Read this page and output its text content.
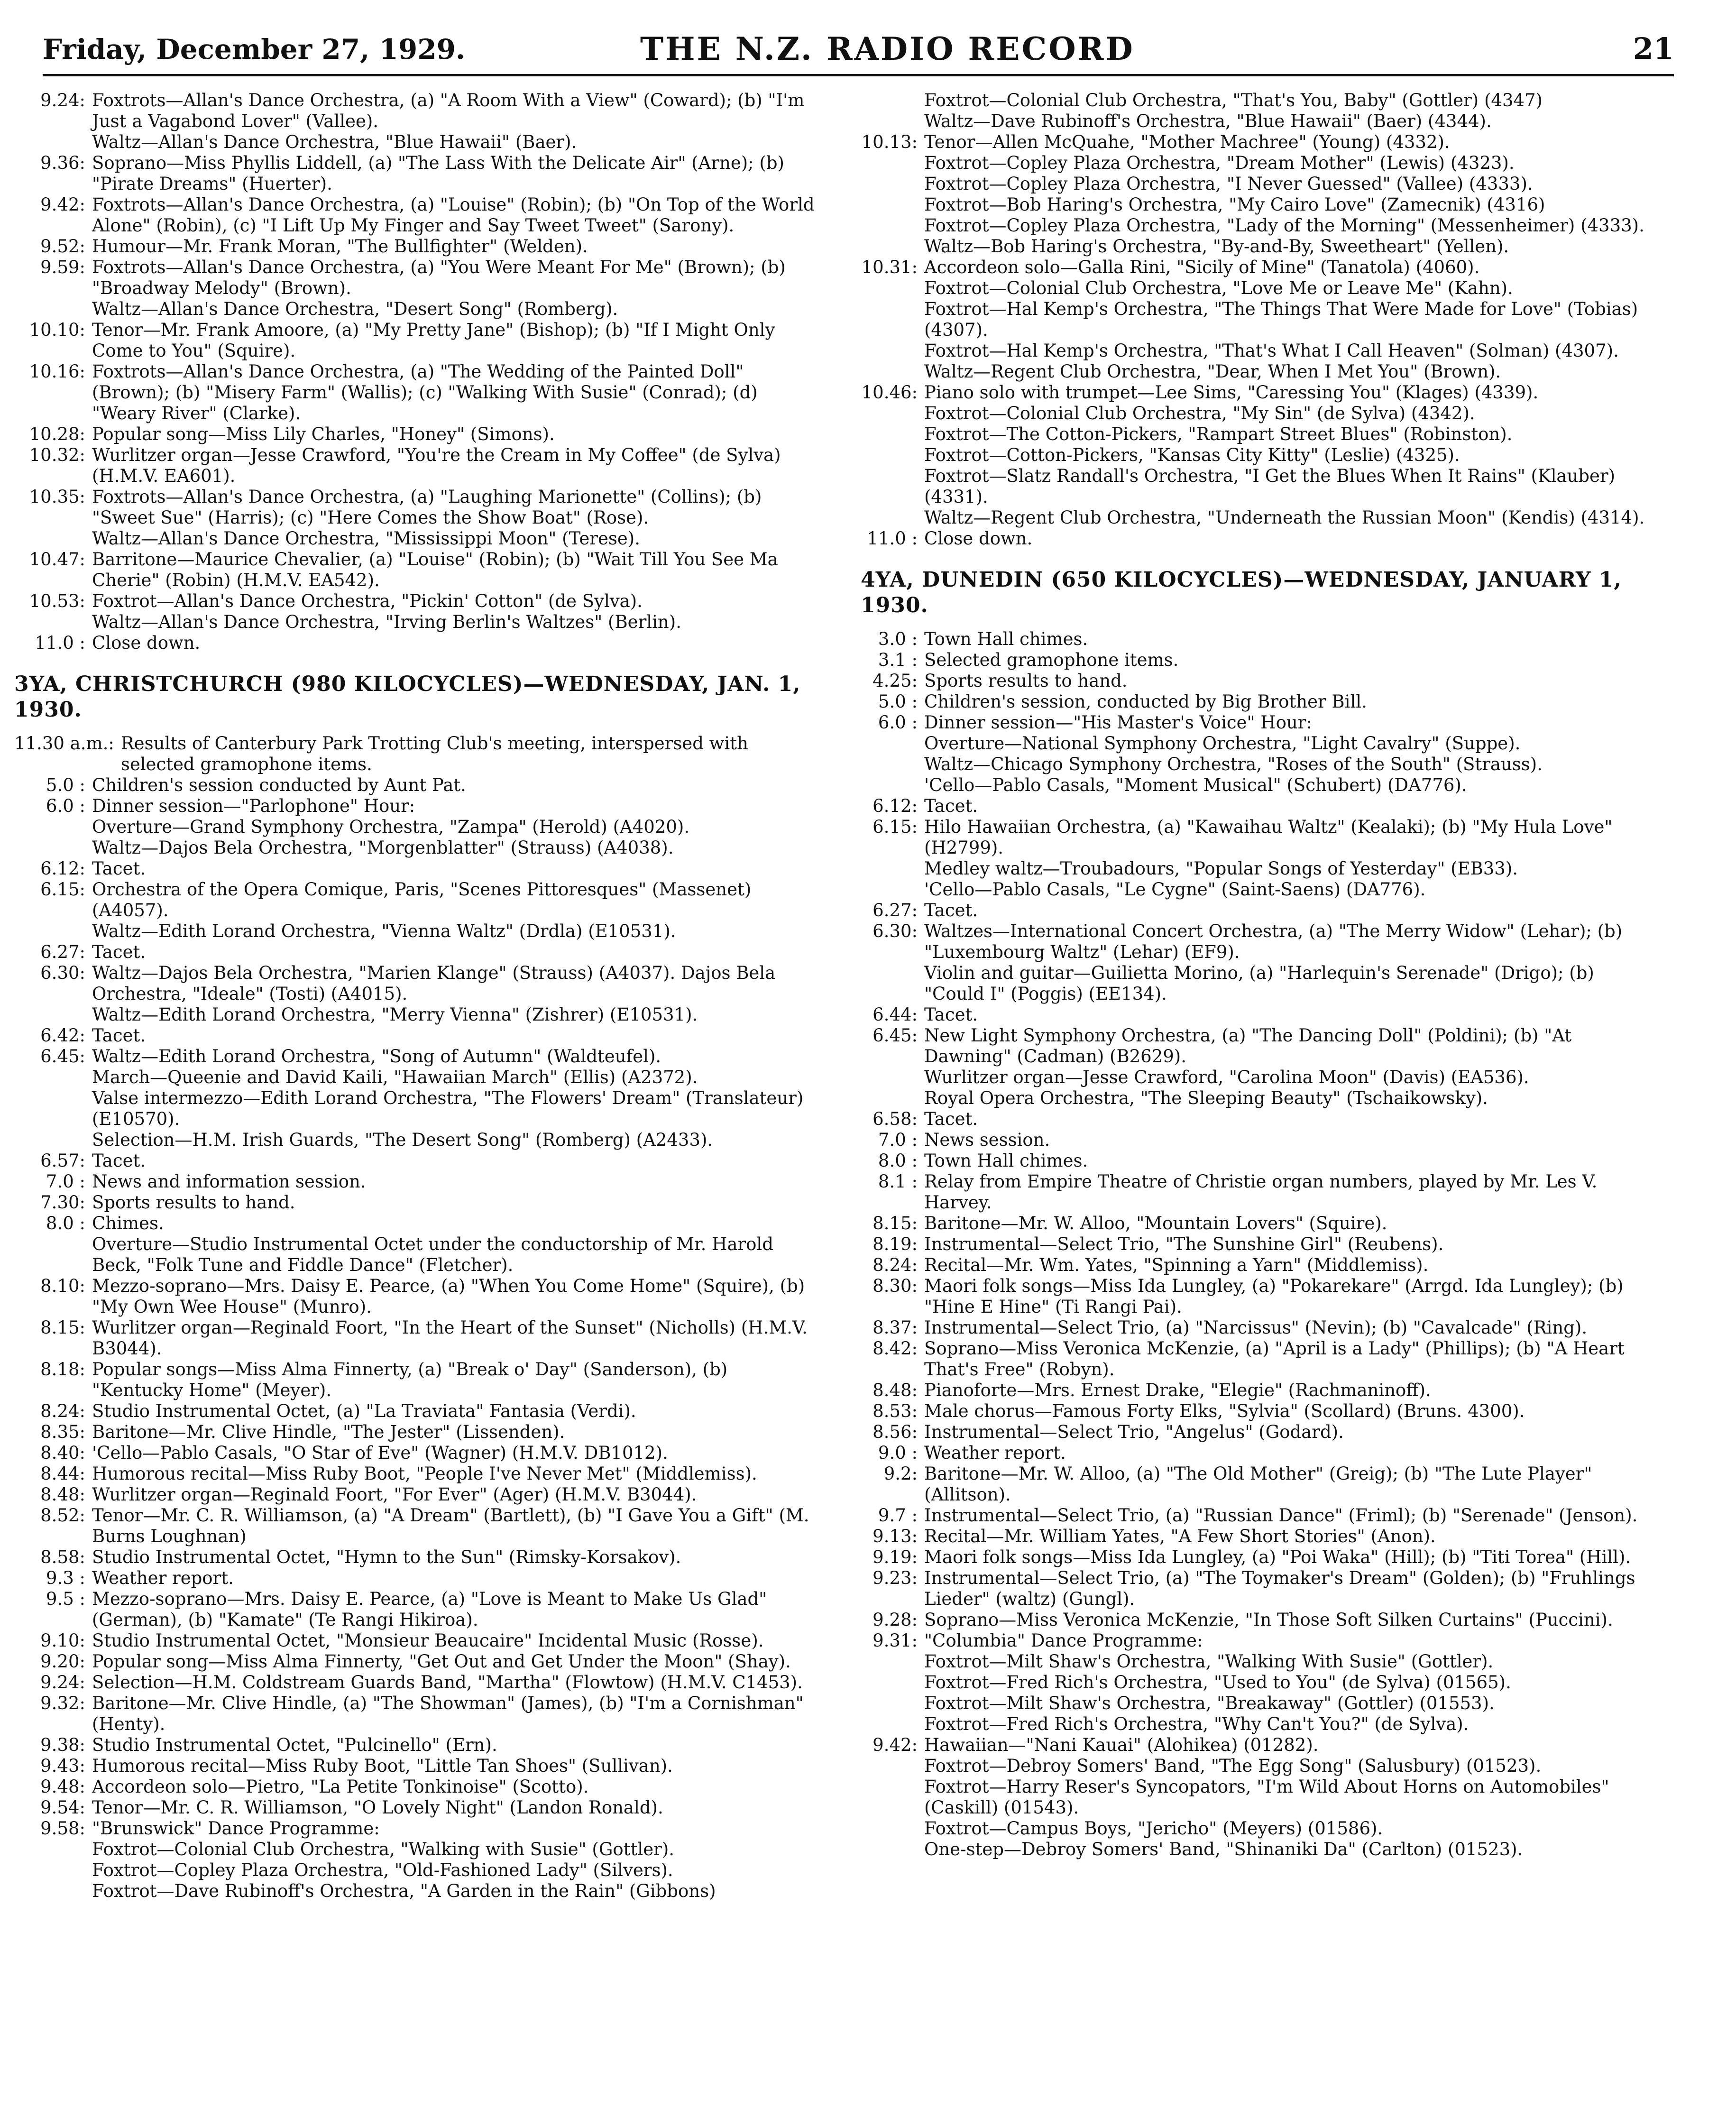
Friday, December 27, 1929.	THE N.Z. RADIO RECORD	21
9.24: Foxtrots—Allan's Dance Orchestra, (a) "A Room With a View" (Coward); (b) "I'm Just a Vagabond Lover" (Vallee).
Waltz—Allan's Dance Orchestra, "Blue Hawaii" (Baer).
9.36: Soprano—Miss Phyllis Liddell, (a) "The Lass With the Delicate Air" (Arne); (b) "Pirate Dreams" (Huerter).
9.42: Foxtrots—Allan's Dance Orchestra, (a) "Louise" (Robin); (b) "On Top of the World Alone" (Robin), (c) "I Lift Up My Finger and Say Tweet Tweet" (Sarony).
9.52: Humour—Mr. Frank Moran, "The Bullfighter" (Welden).
9.59: Foxtrots—Allan's Dance Orchestra, (a) "You Were Meant For Me" (Brown); (b) "Broadway Melody" (Brown).
Waltz—Allan's Dance Orchestra, "Desert Song" (Romberg).
10.10: Tenor—Mr. Frank Amoore, (a) "My Pretty Jane" (Bishop); (b) "If I Might Only Come to You" (Squire).
10.16: Foxtrots—Allan's Dance Orchestra, (a) "The Wedding of the Painted Doll" (Brown); (b) "Misery Farm" (Wallis); (c) "Walking With Susie" (Conrad); (d) "Weary River" (Clarke).
10.28: Popular song—Miss Lily Charles, "Honey" (Simons).
10.32: Wurlitzer organ—Jesse Crawford, "You're the Cream in My Coffee" (de Sylva) (H.M.V. EA601).
10.35: Foxtrots—Allan's Dance Orchestra, (a) "Laughing Marionette" (Collins); (b) "Sweet Sue" (Harris); (c) "Here Comes the Show Boat" (Rose).
Waltz—Allan's Dance Orchestra, "Mississippi Moon" (Terese).
10.47: Barritone—Maurice Chevalier, (a) "Louise" (Robin); (b) "Wait Till You See Ma Cherie" (Robin) (H.M.V. EA542).
10.53: Foxtrot—Allan's Dance Orchestra, "Pickin' Cotton" (de Sylva).
Waltz—Allan's Dance Orchestra, "Irving Berlin's Waltzes" (Berlin).
11.0 : Close down.
3YA, CHRISTCHURCH (980 KILOCYCLES)—WEDNESDAY, JAN. 1, 1930.
11.30 a.m.: Results of Canterbury Park Trotting Club's meeting, interspersed with selected gramophone items.
5.0 : Children's session conducted by Aunt Pat.
6.0 : Dinner session—"Parlophone" Hour:
Overture—Grand Symphony Orchestra, "Zampa" (Herold) (A4020).
Waltz—Dajos Bela Orchestra, "Morgenblatter" (Strauss) (A4038).
6.12: Tacet.
6.15: Orchestra of the Opera Comique, Paris, "Scenes Pittoresques" (Massenet) (A4057).
Waltz—Edith Lorand Orchestra, "Vienna Waltz" (Drdla) (E10531).
6.27: Tacet.
6.30: Waltz—Dajos Bela Orchestra, "Marien Klange" (Strauss) (A4037). Dajos Bela Orchestra, "Ideale" (Tosti) (A4015).
Waltz—Edith Lorand Orchestra, "Merry Vienna" (Zishrer) (E10531).
6.42: Tacet.
6.45: Waltz—Edith Lorand Orchestra, "Song of Autumn" (Waldteufel).
March—Queenie and David Kaili, "Hawaiian March" (Ellis) (A2372).
Valse intermezzo—Edith Lorand Orchestra, "The Flowers' Dream" (Translateur) (E10570).
Selection—H.M. Irish Guards, "The Desert Song" (Romberg) (A2433).
6.57: Tacet.
7.0 : News and information session.
7.30: Sports results to hand.
8.0 : Chimes.
Overture—Studio Instrumental Octet under the conductorship of Mr. Harold Beck, "Folk Tune and Fiddle Dance" (Fletcher).
8.10: Mezzo-soprano—Mrs. Daisy E. Pearce, (a) "When You Come Home" (Squire), (b) "My Own Wee House" (Munro).
8.15: Wurlitzer organ—Reginald Foort, "In the Heart of the Sunset" (Nicholls) (H.M.V. B3044).
8.18: Popular songs—Miss Alma Finnerty, (a) "Break o' Day" (Sanderson), (b) "Kentucky Home" (Meyer).
8.24: Studio Instrumental Octet, (a) "La Traviata" Fantasia (Verdi).
8.35: Baritone—Mr. Clive Hindle, "The Jester" (Lissenden).
8.40: 'Cello—Pablo Casals, "O Star of Eve" (Wagner) (H.M.V. DB1012).
8.44: Humorous recital—Miss Ruby Boot, "People I've Never Met" (Middlemiss).
8.48: Wurlitzer organ—Reginald Foort, "For Ever" (Ager) (H.M.V. B3044).
8.52: Tenor—Mr. C. R. Williamson, (a) "A Dream" (Bartlett), (b) "I Gave You a Gift" (M. Burns Loughnan)
8.58: Studio Instrumental Octet, "Hymn to the Sun" (Rimsky-Korsakov).
9.3 : Weather report.
9.5 : Mezzo-soprano—Mrs. Daisy E. Pearce, (a) "Love is Meant to Make Us Glad" (German), (b) "Kamate" (Te Rangi Hikiroa).
9.10: Studio Instrumental Octet, "Monsieur Beaucaire" Incidental Music (Rosse).
9.20: Popular song—Miss Alma Finnerty, "Get Out and Get Under the Moon" (Shay).
9.24: Selection—H.M. Coldstream Guards Band, "Martha" (Flowtow) (H.M.V. C1453).
9.32: Baritone—Mr. Clive Hindle, (a) "The Showman" (James), (b) "I'm a Cornishman" (Henty).
9.38: Studio Instrumental Octet, "Pulcinello" (Ern).
9.43: Humorous recital—Miss Ruby Boot, "Little Tan Shoes" (Sullivan).
9.48: Accordeon solo—Pietro, "La Petite Tonkinoise" (Scotto).
9.54: Tenor—Mr. C. R. Williamson, "O Lovely Night" (Landon Ronald).
9.58: "Brunswick" Dance Programme:
Foxtrot—Colonial Club Orchestra, "Walking with Susie" (Gottler).
Foxtrot—Copley Plaza Orchestra, "Old-Fashioned Lady" (Silvers).
Foxtrot—Dave Rubinoff's Orchestra, "A Garden in the Rain" (Gibbons)
Foxtrot—Colonial Club Orchestra, "That's You, Baby" (Gottler) (4347)
Waltz—Dave Rubinoff's Orchestra, "Blue Hawaii" (Baer) (4344).
10.13: Tenor—Allen McQuahe, "Mother Machree" (Young) (4332).
Foxtrot—Copley Plaza Orchestra, "Dream Mother" (Lewis) (4323).
Foxtrot—Copley Plaza Orchestra, "I Never Guessed" (Vallee) (4333).
Foxtrot—Bob Haring's Orchestra, "My Cairo Love" (Zamecnik) (4316)
Foxtrot—Copley Plaza Orchestra, "Lady of the Morning" (Messenheimer) (4333).
Waltz—Bob Haring's Orchestra, "By-and-By, Sweetheart" (Yellen).
10.31: Accordeon solo—Galla Rini, "Sicily of Mine" (Tanatola) (4060).
Foxtrot—Colonial Club Orchestra, "Love Me or Leave Me" (Kahn).
Foxtrot—Hal Kemp's Orchestra, "The Things That Were Made for Love" (Tobias) (4307).
Foxtrot—Hal Kemp's Orchestra, "That's What I Call Heaven" (Solman) (4307).
Waltz—Regent Club Orchestra, "Dear, When I Met You" (Brown).
10.46: Piano solo with trumpet—Lee Sims, "Caressing You" (Klages) (4339).
Foxtrot—Colonial Club Orchestra, "My Sin" (de Sylva) (4342).
Foxtrot—The Cotton-Pickers, "Rampart Street Blues" (Robinston).
Foxtrot—Cotton-Pickers, "Kansas City Kitty" (Leslie) (4325).
Foxtrot—Slatz Randall's Orchestra, "I Get the Blues When It Rains" (Klauber) (4331).
Waltz—Regent Club Orchestra, "Underneath the Russian Moon" (Kendis) (4314).
11.0 : Close down.
4YA, DUNEDIN (650 KILOCYCLES)—WEDNESDAY, JANUARY 1, 1930.
3.0 : Town Hall chimes.
3.1 : Selected gramophone items.
4.25: Sports results to hand.
5.0 : Children's session, conducted by Big Brother Bill.
6.0 : Dinner session—"His Master's Voice" Hour:
Overture—National Symphony Orchestra, "Light Cavalry" (Suppe).
Waltz—Chicago Symphony Orchestra, "Roses of the South" (Strauss).
'Cello—Pablo Casals, "Moment Musical" (Schubert) (DA776).
6.12: Tacet.
6.15: Hilo Hawaiian Orchestra, (a) "Kawaihau Waltz" (Kealaki); (b) "My Hula Love" (H2799).
Medley waltz—Troubadours, "Popular Songs of Yesterday" (EB33).
'Cello—Pablo Casals, "Le Cygne" (Saint-Saens) (DA776).
6.27: Tacet.
6.30: Waltzes—International Concert Orchestra, (a) "The Merry Widow" (Lehar); (b) "Luxembourg Waltz" (Lehar) (EF9).
Violin and guitar—Guilietta Morino, (a) "Harlequin's Serenade" (Drigo); (b) "Could I" (Poggis) (EE134).
6.44: Tacet.
6.45: New Light Symphony Orchestra, (a) "The Dancing Doll" (Poldini); (b) "At Dawning" (Cadman) (B2629).
Wurlitzer organ—Jesse Crawford, "Carolina Moon" (Davis) (EA536).
Royal Opera Orchestra, "The Sleeping Beauty" (Tschaikowsky).
6.58: Tacet.
7.0 : News session.
8.0 : Town Hall chimes.
8.1 : Relay from Empire Theatre of Christie organ numbers, played by Mr. Les V. Harvey.
8.15: Baritone—Mr. W. Alloo, "Mountain Lovers" (Squire).
8.19: Instrumental—Select Trio, "The Sunshine Girl" (Reubens).
8.24: Recital—Mr. Wm. Yates, "Spinning a Yarn" (Middlemiss).
8.30: Maori folk songs—Miss Ida Lungley, (a) "Pokarekare" (Arrgd. Ida Lungley); (b) "Hine E Hine" (Ti Rangi Pai).
8.37: Instrumental—Select Trio, (a) "Narcissus" (Nevin); (b) "Cavalcade" (Ring).
8.42: Soprano—Miss Veronica McKenzie, (a) "April is a Lady" (Phillips); (b) "A Heart That's Free" (Robyn).
8.48: Pianoforte—Mrs. Ernest Drake, "Elegie" (Rachmaninoff).
8.53: Male chorus—Famous Forty Elks, "Sylvia" (Scollard) (Bruns. 4300).
8.56: Instrumental—Select Trio, "Angelus" (Godard).
9.0 : Weather report.
9.2: Baritone—Mr. W. Alloo, (a) "The Old Mother" (Greig); (b) "The Lute Player" (Allitson).
9.7 : Instrumental—Select Trio, (a) "Russian Dance" (Friml); (b) "Serenade" (Jenson).
9.13: Recital—Mr. William Yates, "A Few Short Stories" (Anon).
9.19: Maori folk songs—Miss Ida Lungley, (a) "Poi Waka" (Hill); (b) "Titi Torea" (Hill).
9.23: Instrumental—Select Trio, (a) "The Toymaker's Dream" (Golden); (b) "Fruhlings Lieder" (waltz) (Gungl).
9.28: Soprano—Miss Veronica McKenzie, "In Those Soft Silken Curtains" (Puccini).
9.31: "Columbia" Dance Programme:
Foxtrot—Milt Shaw's Orchestra, "Walking With Susie" (Gottler).
Foxtrot—Fred Rich's Orchestra, "Used to You" (de Sylva) (01565).
Foxtrot—Milt Shaw's Orchestra, "Breakaway" (Gottler) (01553).
Foxtrot—Fred Rich's Orchestra, "Why Can't You?" (de Sylva).
9.42: Hawaiian—"Nani Kauai" (Alohikea) (01282).
Foxtrot—Debroy Somers' Band, "The Egg Song" (Salusbury) (01523).
Foxtrot—Harry Reser's Syncopators, "I'm Wild About Horns on Automobiles" (Caskill) (01543).
Foxtrot—Campus Boys, "Jericho" (Meyers) (01586).
One-step—Debroy Somers' Band, "Shinaniki Da" (Carlton) (01523).
